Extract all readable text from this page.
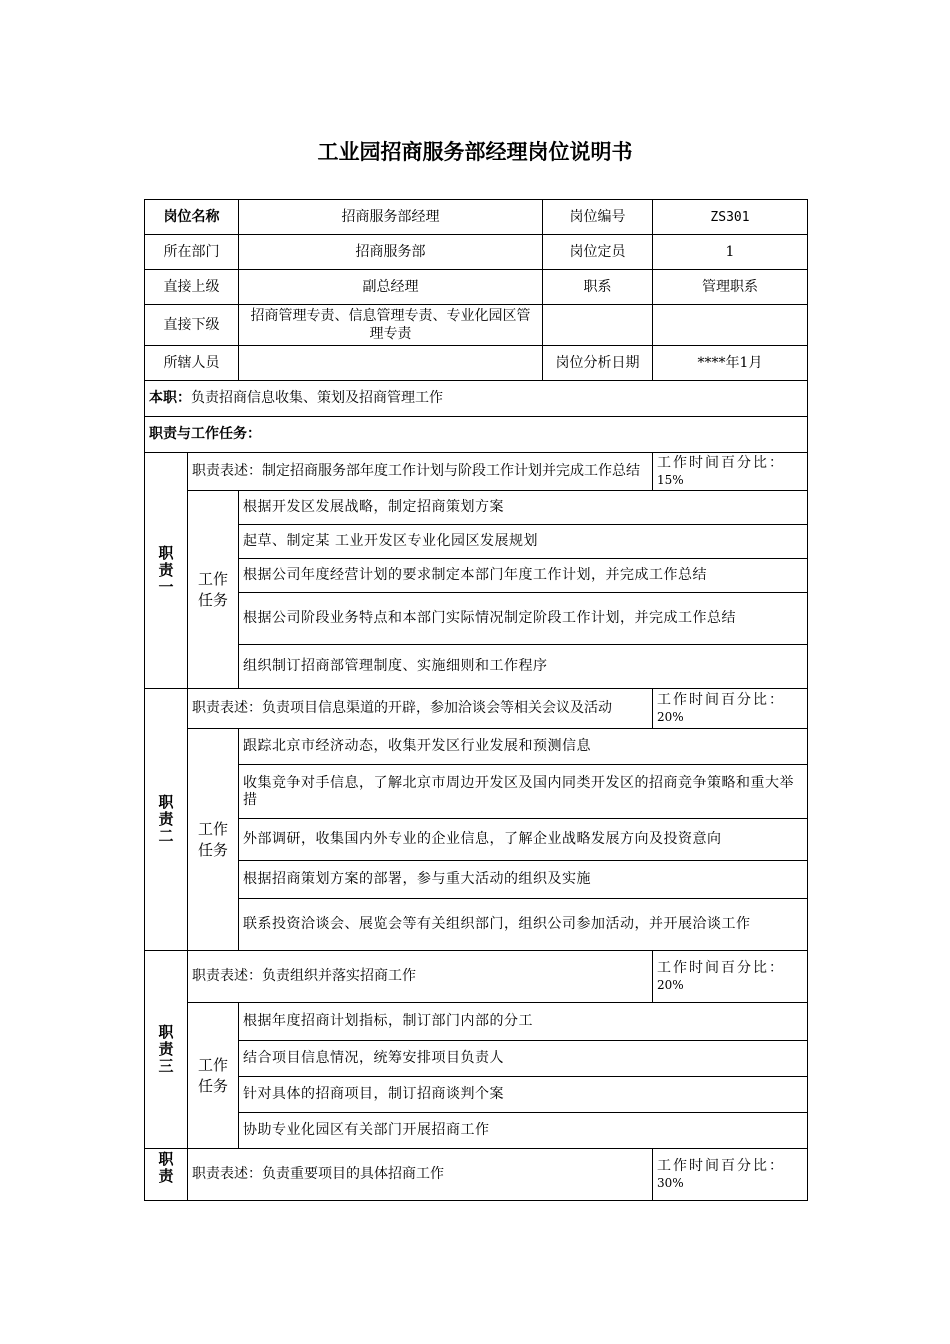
工业园招商服务部经理岗位说明书
岗位名称		招商服务部经理	岗位编号	ZS301
所在部门		招商服务部	岗位定员	1
直接上级		副总经理	职系	管理职系
直接下级		招商管理专责、信息管理专责、专业化园区管理专责		
所辖人员			岗位分析日期	****年1月
本职：负责招商信息收集、策划及招商管理工作				
职责与工作任务：				
职
责
一	职责表述：制定招商服务部年度工作计划与阶段工作计划并完成工作总结			工作时间百分比：
15%

	工作任务	根据开发区发展战略，制定招商策划方案		
		起草、制定某 工业开发区专业化园区发展规划		
		根据公司年度经营计划的要求制定本部门年度工作计划，并完成工作总结		
		根据公司阶段业务特点和本部门实际情况制定阶段工作计划，并完成工作总结		
		组织制订招商部管理制度、实施细则和工作程序		
职
责
二	职责表述：负责项目信息渠道的开辟，参加洽谈会等相关会议及活动			工作时间百分比：
20%

	工作任务	跟踪北京市经济动态，收集开发区行业发展和预测信息		
		收集竞争对手信息，了解北京市周边开发区及国内同类开发区的招商竞争策略和重大举措		
		外部调研，收集国内外专业的企业信息，了解企业战略发展方向及投资意向		
		根据招商策划方案的部署，参与重大活动的组织及实施		
		联系投资洽谈会、展览会等有关组织部门，组织公司参加活动，并开展洽谈工作		
职
责
三	职责表述：负责组织并落实招商工作			工作时间百分比：
20%

	工作任务	根据年度招商计划指标，制订部门内部的分工		
		结合项目信息情况，统筹安排项目负责人		
		针对具体的招商项目，制订招商谈判个案		
		协助专业化园区有关部门开展招商工作		
职
责	职责表述：负责重要项目的具体招商工作			工作时间百分比：
30%
